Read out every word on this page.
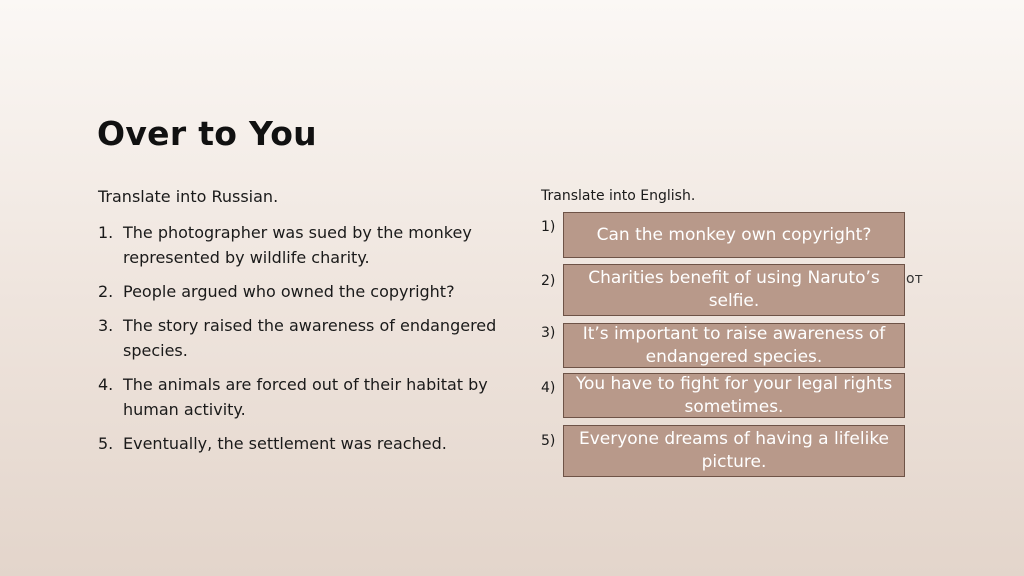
Over to You
Translate into Russian.
1. The photographer was sued by the monkey represented by wildlife charity.
2. People argued who owned the copyright?
3. The story raised the awareness of endangered species.
4. The animals are forced out of their habitat by human activity.
5. Eventually, the settlement was reached.
Translate into English.
1)
2)
3)
4)
5)
от
Can the monkey own copyright?
Charities benefit of using Naruto’s selfie.
It’s important to raise awareness of endangered species.
You have to fight for your legal rights sometimes.
Everyone dreams of having a lifelike picture.
